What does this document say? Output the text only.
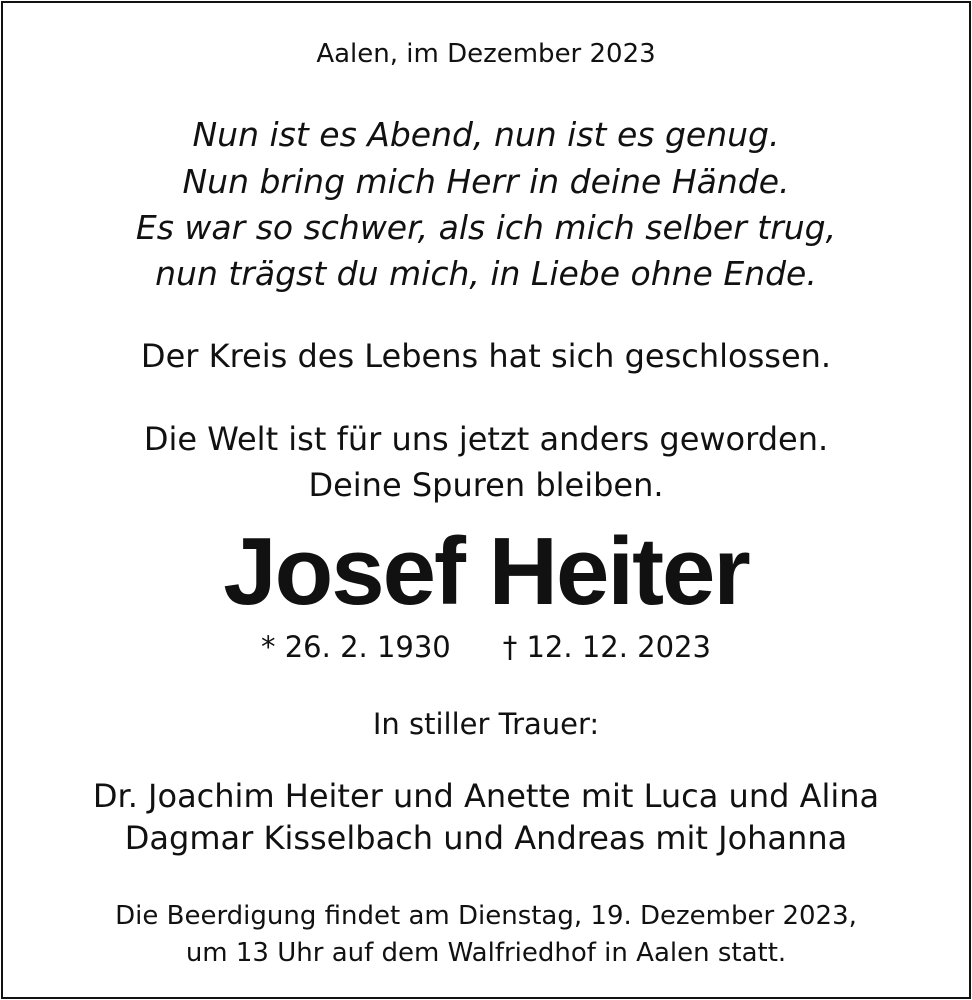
Aalen, im Dezember 2023
Nun ist es Abend, nun ist es genug.
Nun bring mich Herr in deine Hände.
Es war so schwer, als ich mich selber trug,
nun trägst du mich, in Liebe ohne Ende.
Der Kreis des Lebens hat sich geschlossen.
Die Welt ist für uns jetzt anders geworden.
Deine Spuren bleiben.
Josef Heiter
* 26. 2. 1930 † 12. 12. 2023
In stiller Trauer:
Dr. Joachim Heiter und Anette mit Luca und Alina
Dagmar Kisselbach und Andreas mit Johanna
Die Beerdigung findet am Dienstag, 19. Dezember 2023,
um 13 Uhr auf dem Walfriedhof in Aalen statt.
